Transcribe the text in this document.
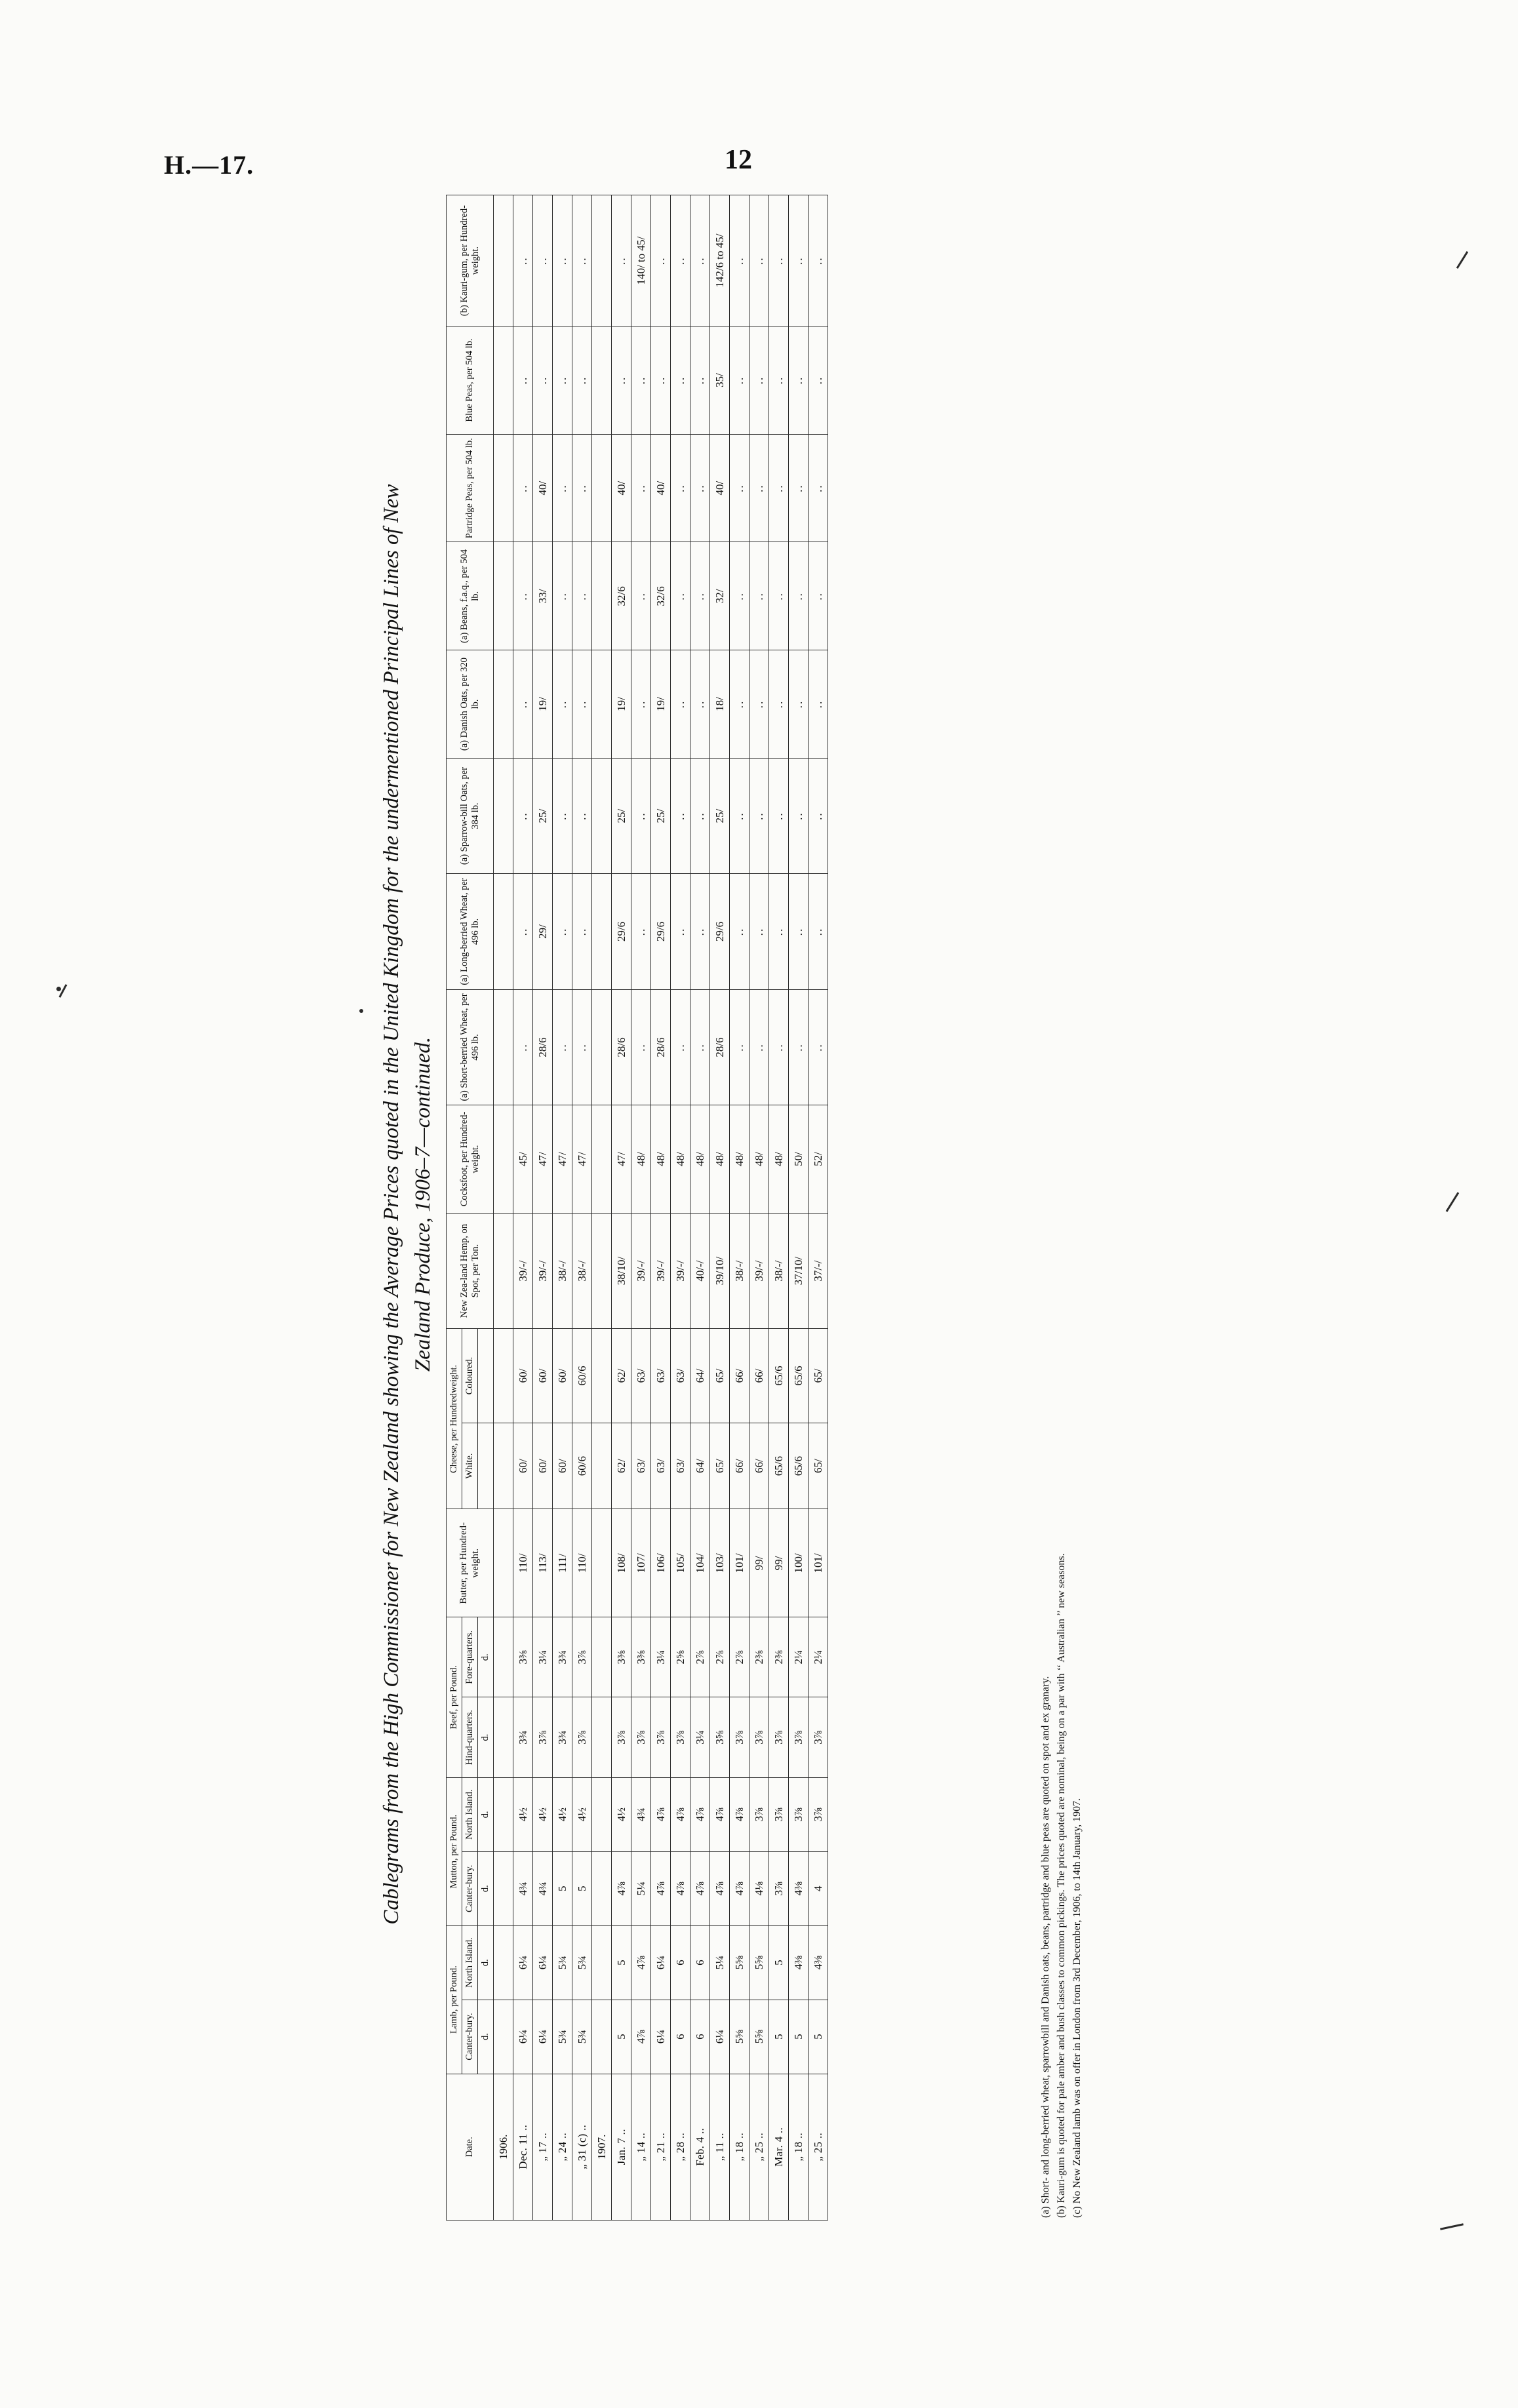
H.—17.	12
Cablegrams from the High Commissioner for New Zealand showing the Average Prices quoted in the United Kingdom for the undermentioned Principal Lines of New Zealand Produce, 1906–7—continued.
Date.	Lamb, per Pound.		Mutton, per Pound.		Beef, per Pound.		Butter, per Hundred-weight.	Cheese, per Hundredweight.		New Zea-land Hemp, on Spot, per Ton.	Cocksfoot, per Hundred-weight.	(a) Short-berried Wheat, per 496 lb.	(a) Long-berried Wheat, per 496 lb.	(a) Sparrow-bill Oats, per 384 lb.	(a) Danish Oats, per 320 lb.	(a) Beans, f.a.q., per 504 lb.	Partridge Peas, per 504 lb.	Blue Peas, per 504 lb.	(b) Kauri-gum, per Hundred-weight.
	Canter-bury.	North Island.	Canter-bury.	North Island.	Hind-quarters.	Fore-quarters.		White.	Coloured.										
	d.	d.	d.	d.	d.	d.													
1906.																			
Dec. 11 ..	6¼	6¼	4¾	4½	3¾	3⅜	110/	60/	60/	39/-/	45/	..	..	..	..	..	..	..	..
„ 17 ..	6¼	6¼	4¾	4½	3⅞	3¼	113/	60/	60/	39/-/	47/	28/6	29/	25/	19/	33/	40/	..	..
„ 24 ..	5¾	5¾	5	4½	3¾	3¾	111/	60/	60/	38/-/	47/	..	..	..	..	..	..	..	..
„ 31 (c) ..	5¾	5¾	5	4½	3⅞	3⅞	110/	60/6	60/6	38/-/	47/	..	..	..	..	..	..	..	..
1907.																			
Jan. 7 ..	5	5	4⅞	4½	3⅞	3⅜	108/	62/	62/	38/10/	47/	28/6	29/6	25/	19/	32/6	40/	..	..
„ 14 ..	4⅞	4⅞	5¼	4¾	3⅞	3⅜	107/	63/	63/	39/-/	48/	..	..	..	..	..	..	..	140/ to 45/
„ 21 ..	6¼	6¼	4⅞	4⅞	3⅞	3¼	106/	63/	63/	39/-/	48/	28/6	29/6	25/	19/	32/6	40/	..	..
„ 28 ..	6	6	4⅞	4⅞	3⅞	2⅝	105/	63/	63/	39/-/	48/	..	..	..	..	..	..	..	..
Feb. 4 ..	6	6	4⅞	4⅞	3¼	2⅞	104/	64/	64/	40/-/	48/	..	..	..	..	..	..	..	..
„ 11 ..	6¼	5¼	4⅞	4⅞	3⅝	2⅞	103/	65/	65/	39/10/	48/	28/6	29/6	25/	18/	32/	40/	35/	142/6 to 45/
„ 18 ..	5⅝	5⅝	4⅞	4⅞	3⅞	2⅞	101/	66/	66/	38/-/	48/	..	..	..	..	..	..	..	..
„ 25 ..	5⅝	5⅝	4⅛	3⅞	3⅞	2⅜	99/	66/	66/	39/-/	48/	..	..	..	..	..	..	..	..
Mar. 4 ..	5	5	3⅞	3⅞	3⅞	2⅜	99/	65/6	65/6	38/-/	48/	..	..	..	..	..	..	..	..
„ 18 ..	5	4⅜	4⅜	3⅞	3⅞	2¼	100/	65/6	65/6	37/10/	50/	..	..	..	..	..	..	..	..
„ 25 ..	5	4⅜	4	3⅞	3⅞	2¼	101/	65/	65/	37/-/	52/	..	..	..	..	..	..	..	..
(a) Short- and long-berried wheat, sparrowbill and Danish oats, beans, partridge and blue peas are quoted on spot and ex granary. (b) Kauri-gum is quoted for pale amber and bush classes to common pickings. The prices quoted are nominal, being on a par with ‘‘ Australian ’’ new seasons. (c) No New Zealand lamb was on offer in London from 3rd December, 1906, to 14th January, 1907.
